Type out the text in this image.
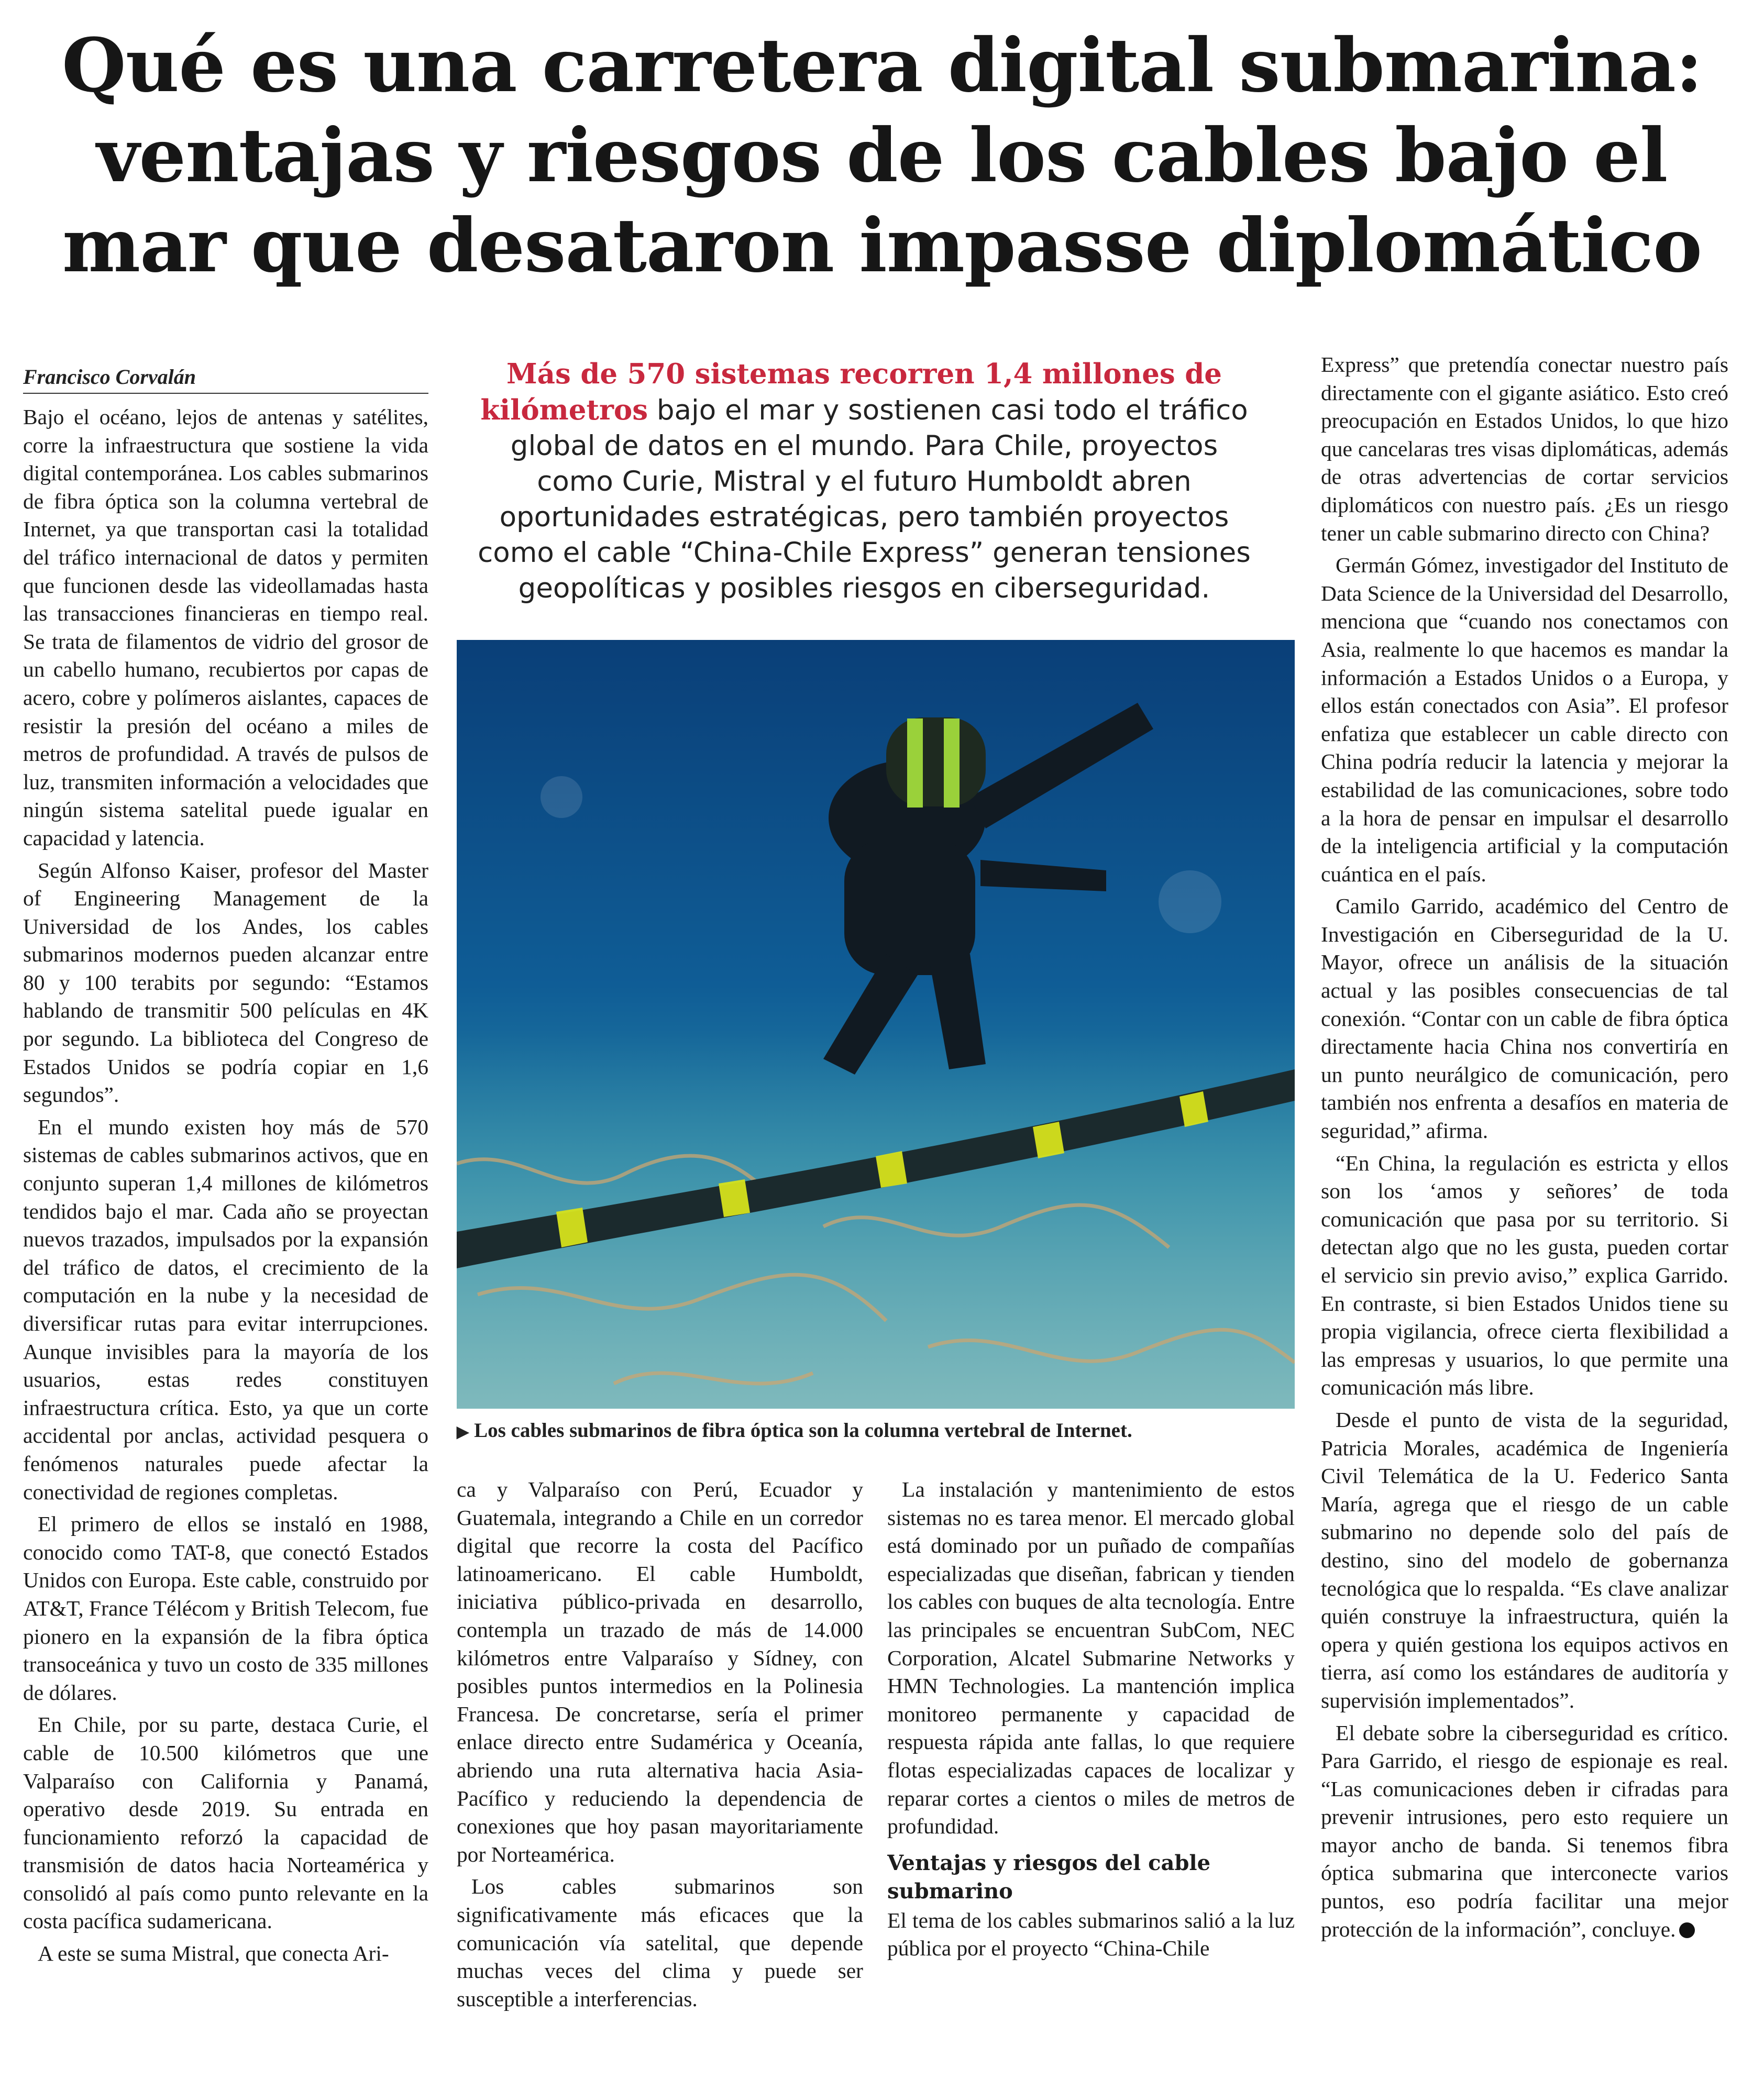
Qué es una carretera digital submarina: ventajas y riesgos de los cables bajo el mar que desataron impasse diplomático
Francisco Corvalán	Más de 570 sistemas recorren 1,4 millones de kilómetros bajo el mar y sostienen casi todo el tráfico global de datos en el mundo. Para Chile, proyectos como Curie, Mistral y el futuro Humboldt abren oportunidades estratégicas, pero también proyectos como el cable “China-Chile Express” generan tensiones geopolíticas y posibles riesgos en ciberseguridad.
▶ Los cables submarinos de fibra óptica son la columna vertebral de Internet.

Bajo el océano, lejos de antenas y satélites, corre la infraestructura que sostiene la vida digital contemporánea. Los cables submarinos de fibra óptica son la columna vertebral de Internet, ya que transportan casi la totalidad del tráfico internacional de datos y permiten que funcionen desde las videollamadas hasta las transacciones financieras en tiempo real. Se trata de filamentos de vidrio del grosor de un cabello humano, recubiertos por capas de acero, cobre y polímeros aislantes, capaces de resistir la presión del océano a miles de metros de profundidad. A través de pulsos de luz, transmiten información a velocidades que ningún sistema satelital puede igualar en capacidad y latencia.

Según Alfonso Kaiser, profesor del Master of Engineering Management de la Universidad de los Andes, los cables submarinos modernos pueden alcanzar entre 80 y 100 terabits por segundo: “Estamos hablando de transmitir 500 películas en 4K por segundo. La biblioteca del Congreso de Estados Unidos se podría copiar en 1,6 segundos”.

En el mundo existen hoy más de 570 sistemas de cables submarinos activos, que en conjunto superan 1,4 millones de kilómetros tendidos bajo el mar. Cada año se proyectan nuevos trazados, impulsados por la expansión del tráfico de datos, el crecimiento de la computación en la nube y la necesidad de diversificar rutas para evitar interrupciones. Aunque invisibles para la mayoría de los usuarios, estas redes constituyen infraestructura crítica. Esto, ya que un corte accidental por anclas, actividad pesquera o fenómenos naturales puede afectar la conectividad de regiones completas.

El primero de ellos se instaló en 1988, conocido como TAT-8, que conectó Estados Unidos con Europa. Este cable, construido por AT&T, France Télécom y British Telecom, fue pionero en la expansión de la fibra óptica transoceánica y tuvo un costo de 335 millones de dólares.

En Chile, por su parte, destaca Curie, el cable de 10.500 kilómetros que une Valparaíso con California y Panamá, operativo desde 2019. Su entrada en funcionamiento reforzó la capacidad de transmisión de datos hacia Norteamérica y consolidó al país como punto relevante en la costa pacífica sudamericana.

A este se suma Mistral, que conecta Ari-

ca y Valparaíso con Perú, Ecuador y Guatemala, integrando a Chile en un corredor digital que recorre la costa del Pacífico latinoamericano. El cable Humboldt, iniciativa público-privada en desarrollo, contempla un trazado de más de 14.000 kilómetros entre Valparaíso y Sídney, con posibles puntos intermedios en la Polinesia Francesa. De concretarse, sería el primer enlace directo entre Sudamérica y Oceanía, abriendo una ruta alternativa hacia Asia-Pacífico y reduciendo la dependencia de conexiones que hoy pasan mayoritariamente por Norteamérica.

Los cables submarinos son significativamente más eficaces que la comunicación vía satelital, que depende muchas veces del clima y puede ser susceptible a interferencias.

La instalación y mantenimiento de estos sistemas no es tarea menor. El mercado global está dominado por un puñado de compañías especializadas que diseñan, fabrican y tienden los cables con buques de alta tecnología. Entre las principales se encuentran SubCom, NEC Corporation, Alcatel Submarine Networks y HMN Technologies. La mantención implica monitoreo permanente y capacidad de respuesta rápida ante fallas, lo que requiere flotas especializadas capaces de localizar y reparar cortes a cientos o miles de metros de profundidad.

Ventajas y riesgos del cable submarino

El tema de los cables submarinos salió a la luz pública por el proyecto “China-Chile

Express” que pretendía conectar nuestro país directamente con el gigante asiático. Esto creó preocupación en Estados Unidos, lo que hizo que cancelaras tres visas diplomáticas, además de otras advertencias de cortar servicios diplomáticos con nuestro país. ¿Es un riesgo tener un cable submarino directo con China?

Germán Gómez, investigador del Instituto de Data Science de la Universidad del Desarrollo, menciona que “cuando nos conectamos con Asia, realmente lo que hacemos es mandar la información a Estados Unidos o a Europa, y ellos están conectados con Asia”. El profesor enfatiza que establecer un cable directo con China podría reducir la latencia y mejorar la estabilidad de las comunicaciones, sobre todo a la hora de pensar en impulsar el desarrollo de la inteligencia artificial y la computación cuántica en el país.

Camilo Garrido, académico del Centro de Investigación en Ciberseguridad de la U. Mayor, ofrece un análisis de la situación actual y las posibles consecuencias de tal conexión. “Contar con un cable de fibra óptica directamente hacia China nos convertiría en un punto neurálgico de comunicación, pero también nos enfrenta a desafíos en materia de seguridad,” afirma.

“En China, la regulación es estricta y ellos son los ‘amos y señores’ de toda comunicación que pasa por su territorio. Si detectan algo que no les gusta, pueden cortar el servicio sin previo aviso,” explica Garrido. En contraste, si bien Estados Unidos tiene su propia vigilancia, ofrece cierta flexibilidad a las empresas y usuarios, lo que permite una comunicación más libre.

Desde el punto de vista de la seguridad, Patricia Morales, académica de Ingeniería Civil Telemática de la U. Federico Santa María, agrega que el riesgo de un cable submarino no depende solo del país de destino, sino del modelo de gobernanza tecnológica que lo respalda. “Es clave analizar quién construye la infraestructura, quién la opera y quién gestiona los equipos activos en tierra, así como los estándares de auditoría y supervisión implementados”.

El debate sobre la ciberseguridad es crítico. Para Garrido, el riesgo de espionaje es real. “Las comunicaciones deben ir cifradas para prevenir intrusiones, pero esto requiere un mayor ancho de banda. Si tenemos fibra óptica submarina que interconecte varios puntos, eso podría facilitar una mejor protección de la información”, concluye.
